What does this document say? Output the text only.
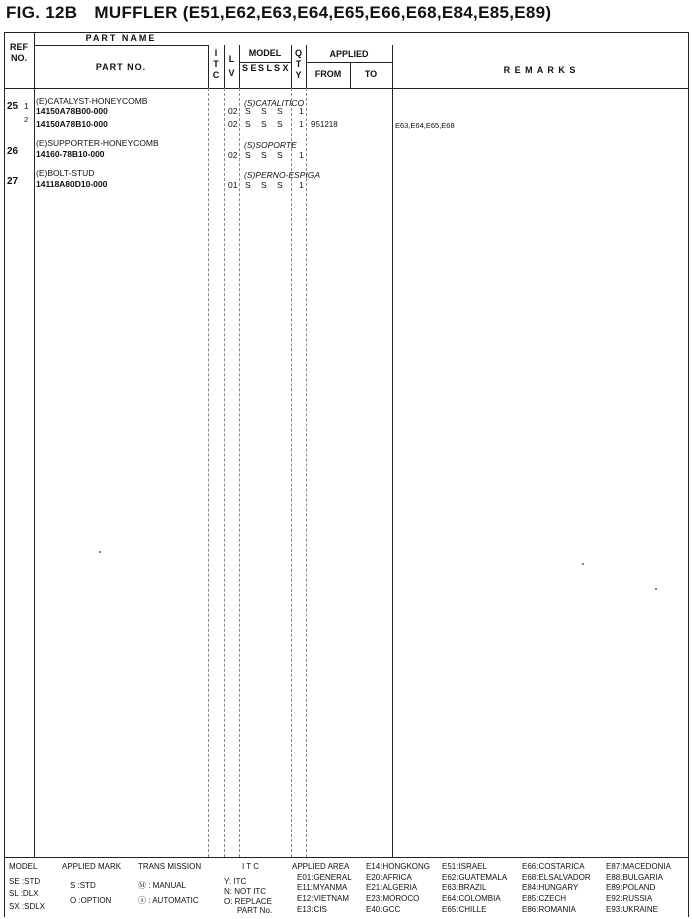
FIG. 12B MUFFLER (E51,E62,E63,E64,E65,E66,E68,E84,E85,E89)
REF
NO.
PART NAME
PART NO.
I
T
C
L
V
MODEL
S E S L S X
Q
T
Y
APPLIED
FROM	TO	R E M A R K S
25 1 (E)CATALYST-HONEYCOMB	(S)CATALITICO
14150A78B00-000	02 S S S 1
2 14150A78B10-000	02 S S S 1 951218	E63,E64,E65,E68
26
(E)SUPPORTER-HONEYCOMB	(S)SOPORTE
14160-78B10-000	02 S S S 1
27
(E)BOLT-STUD	(S)PERNO-ESPIGA
14118A80D10-000	01 S S S 1
MODEL
SE :STD
SL :DLX
SX :SDLX
APPLIED MARK
S :STD
O :OPTION
TRANS MISSION
Ⓜ : MANUAL
ⓐ : AUTOMATIC
I T C
Y: ITC
N: NOT ITC
O: REPLACE
PART No.
APPLIED AREA
E01:GENERAL
E11:MYANMA
E12:VIETNAM
E13:CIS
E14:HONGKONG
E20:AFRICA
E21:ALGERIA
E23:MOROCO
E40:GCC
E51:ISRAEL
E62:GUATEMALA
E63:BRAZIL
E64:COLOMBIA
E65:CHILLE
E66:COSTARICA
E68:ELSALVADOR
E84:HUNGARY
E85:CZECH
E86:ROMANIA
E87:MACEDONIA
E88:BULGARIA
E89:POLAND
E92:RUSSIA
E93:UKRAINE
